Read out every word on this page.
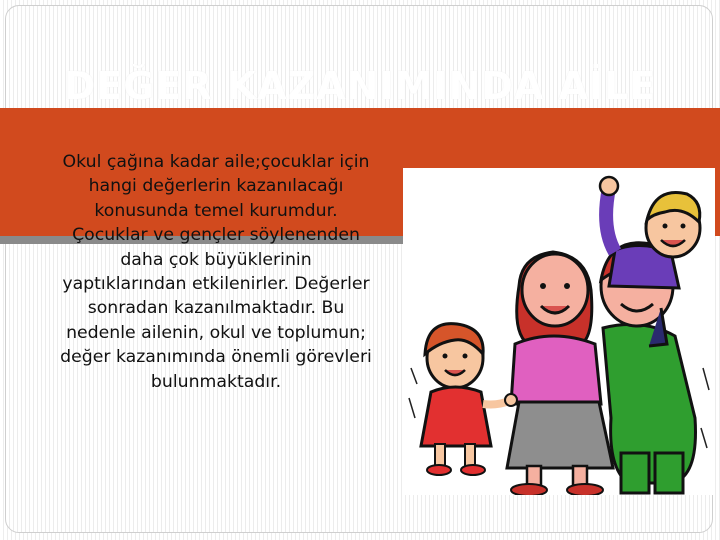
DEĞER KAZANIMINDA AİLE
Okul çağına kadar aile;çocuklar için hangi değerlerin kazanılacağı konusunda temel kurumdur. Çocuklar ve gençler söylenenden daha çok büyüklerinin yaptıklarından etkilenirler. Değerler sonradan kazanılmaktadır. Bu nedenle ailenin, okul ve toplumun; değer kazanımında önemli görevleri bulunmaktadır.
